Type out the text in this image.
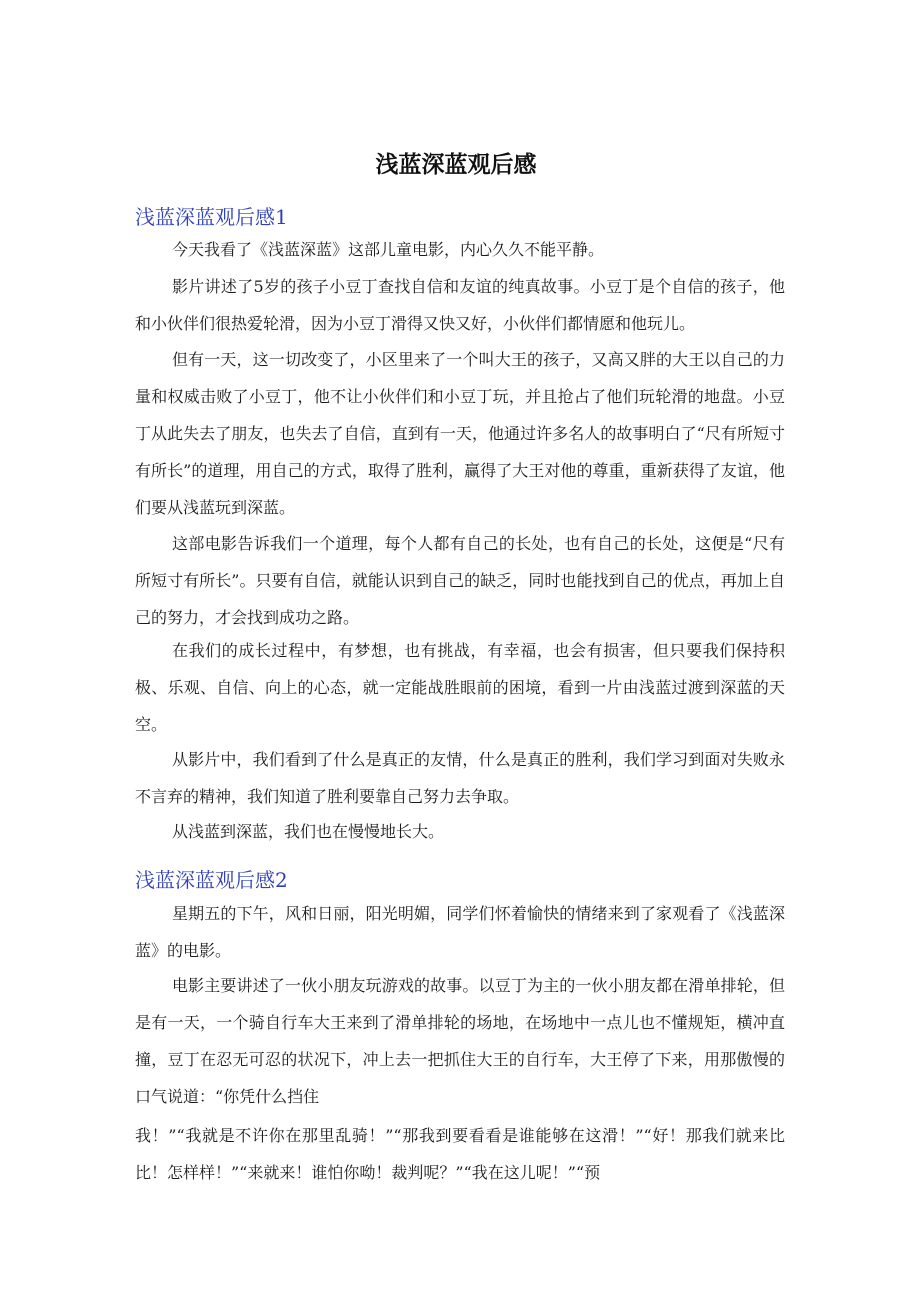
浅蓝深蓝观后感
浅蓝深蓝观后感1

今天我看了《浅蓝深蓝》这部儿童电影，内心久久不能平静。

影片讲述了5岁的孩子小豆丁查找自信和友谊的纯真故事。小豆丁是个自信的孩子，他和小伙伴们很热爱轮滑，因为小豆丁滑得又快又好，小伙伴们都情愿和他玩儿。

但有一天，这一切改变了，小区里来了一个叫大王的孩子，又高又胖的大王以自己的力量和权威击败了小豆丁，他不让小伙伴们和小豆丁玩，并且抢占了他们玩轮滑的地盘。小豆丁从此失去了朋友，也失去了自信，直到有一天，他通过许多名人的故事明白了“尺有所短寸有所长”的道理，用自己的方式，取得了胜利，赢得了大王对他的尊重，重新获得了友谊，他们要从浅蓝玩到深蓝。

这部电影告诉我们一个道理，每个人都有自己的长处，也有自己的长处，这便是“尺有所短寸有所长”。只要有自信，就能认识到自己的缺乏，同时也能找到自己的优点，再加上自己的努力，才会找到成功之路。

在我们的成长过程中，有梦想，也有挑战，有幸福，也会有损害，但只要我们保持积极、乐观、自信、向上的心态，就一定能战胜眼前的困境，看到一片由浅蓝过渡到深蓝的天空。

从影片中，我们看到了什么是真正的友情，什么是真正的胜利，我们学习到面对失败永不言弃的精神，我们知道了胜利要靠自己努力去争取。

从浅蓝到深蓝，我们也在慢慢地长大。

浅蓝深蓝观后感2

星期五的下午，风和日丽，阳光明媚，同学们怀着愉快的情绪来到了家观看了《浅蓝深蓝》的电影。

电影主要讲述了一伙小朋友玩游戏的故事。以豆丁为主的一伙小朋友都在滑单排轮，但是有一天，一个骑自行车大王来到了滑单排轮的场地，在场地中一点儿也不懂规矩，横冲直撞，豆丁在忍无可忍的状况下，冲上去一把抓住大王的自行车，大王停了下来，用那傲慢的口气说道：“你凭什么挡住

我！”“我就是不许你在那里乱骑！”“那我到要看看是谁能够在这滑！”“好！那我们就来比比！怎样样！”“来就来！谁怕你呦！裁判呢？”“我在这儿呢！”“预
